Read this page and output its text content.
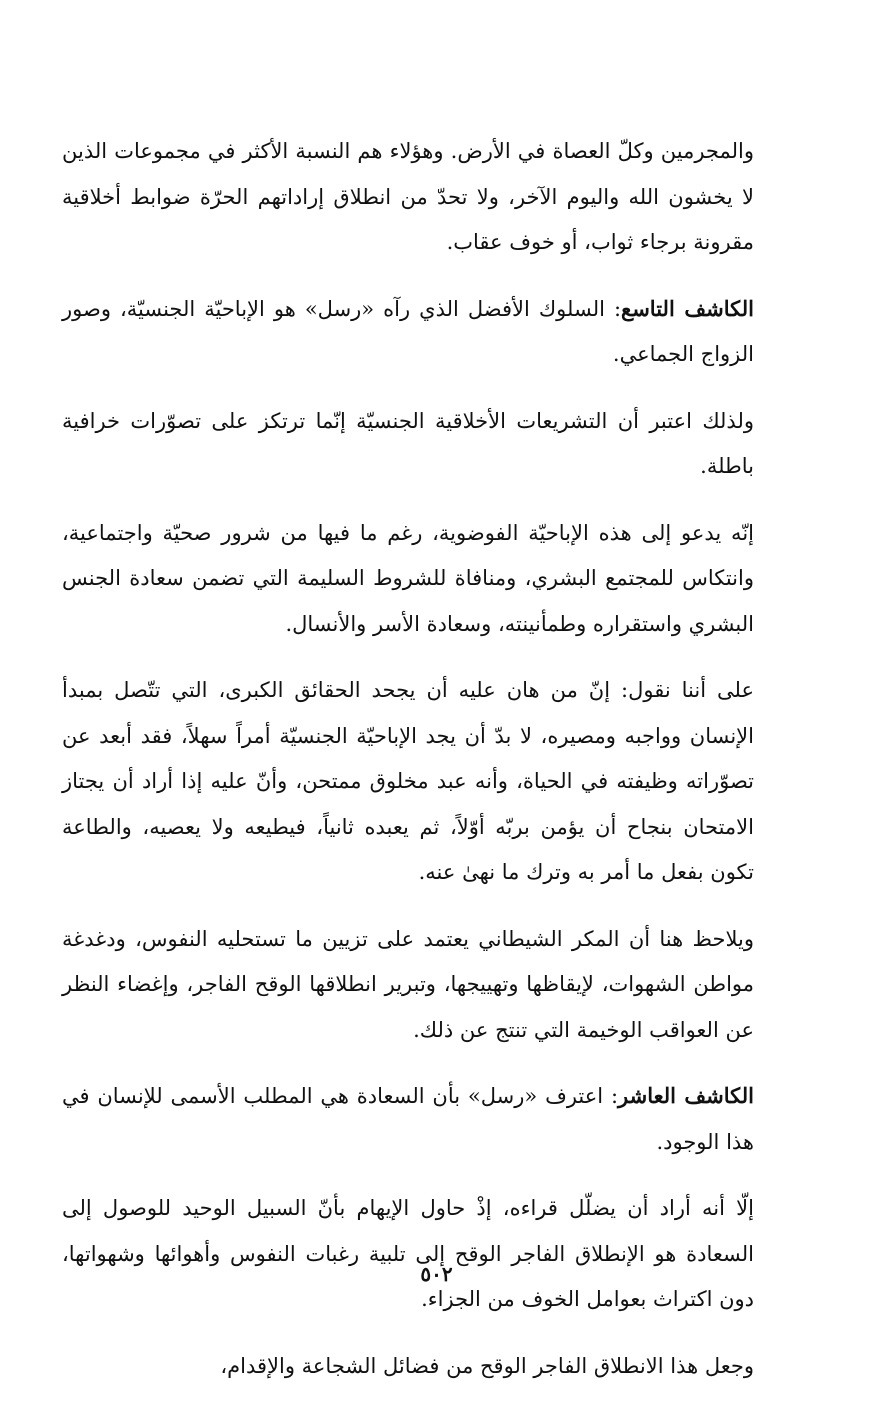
والمجرمين وكلّ العصاة في الأرض. وهؤلاء هم النسبة الأكثر في مجموعات الذين لا يخشون الله واليوم الآخر، ولا تحدّ من انطلاق إراداتهم الحرّة ضوابط أخلاقية مقرونة برجاء ثواب، أو خوف عقاب.

الكاشف التاسع: السلوك الأفضل الذي رآه «رسل» هو الإباحيّة الجنسيّة، وصور الزواج الجماعي.

ولذلك اعتبر أن التشريعات الأخلاقية الجنسيّة إنّما ترتكز على تصوّرات خرافية باطلة.

إنّه يدعو إلى هذه الإباحيّة الفوضوية، رغم ما فيها من شرور صحيّة واجتماعية، وانتكاس للمجتمع البشري، ومنافاة للشروط السليمة التي تضمن سعادة الجنس البشري واستقراره وطمأنينته، وسعادة الأسر والأنسال.

على أننا نقول: إنّ من هان عليه أن يجحد الحقائق الكبرى، التي تتّصل بمبدأ الإنسان وواجبه ومصيره، لا بدّ أن يجد الإباحيّة الجنسيّة أمراً سهلاً، فقد أبعد عن تصوّراته وظيفته في الحياة، وأنه عبد مخلوق ممتحن، وأنّ عليه إذا أراد أن يجتاز الامتحان بنجاح أن يؤمن بربّه أوّلاً، ثم يعبده ثانياً، فيطيعه ولا يعصيه، والطاعة تكون بفعل ما أمر به وترك ما نهىٰ عنه.

ويلاحظ هنا أن المكر الشيطاني يعتمد على تزيين ما تستحليه النفوس، ودغدغة مواطن الشهوات، لإيقاظها وتهييجها، وتبرير انطلاقها الوقح الفاجر، وإغضاء النظر عن العواقب الوخيمة التي تنتج عن ذلك.

الكاشف العاشر: اعترف «رسل» بأن السعادة هي المطلب الأسمى للإنسان في هذا الوجود.

إلّا أنه أراد أن يضلّل قراءه، إذْ حاول الإيهام بأنّ السبيل الوحيد للوصول إلى السعادة هو الإنطلاق الفاجر الوقح إلى تلبية رغبات النفوس وأهوائها وشهواتها، دون اكتراث بعوامل الخوف من الجزاء.

وجعل هذا الانطلاق الفاجر الوقح من فضائل الشجاعة والإقدام،

٥٠٢
